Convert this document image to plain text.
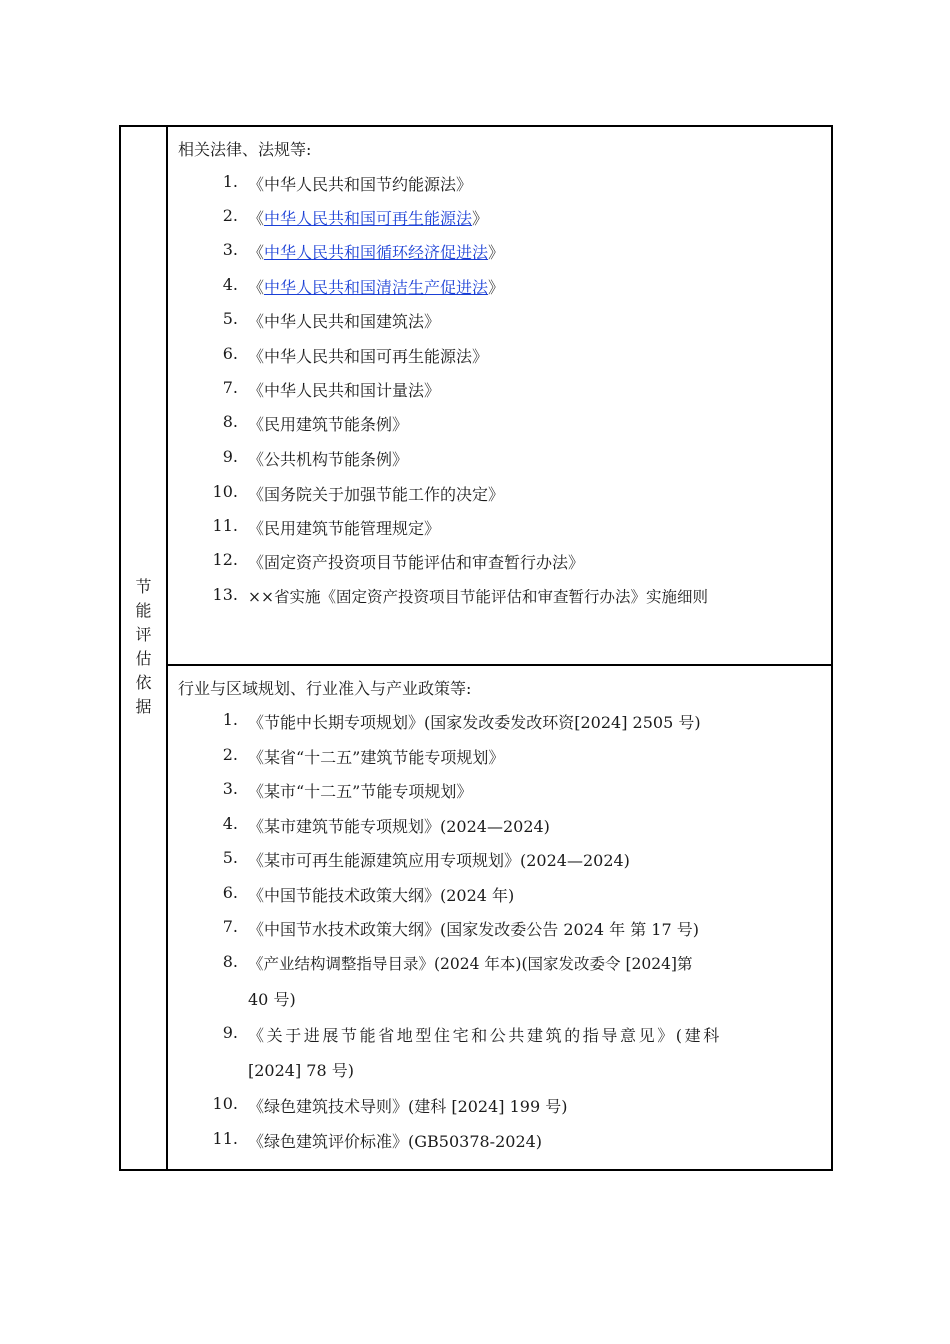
节
能
评
估
依
据
相关法律、法规等:
1. 《中华人民共和国节约能源法》
2. 《中华人民共和国可再生能源法》
3. 《中华人民共和国循环经济促进法》
4. 《中华人民共和国清洁生产促进法》
5. 《中华人民共和国建筑法》
6. 《中华人民共和国可再生能源法》
7. 《中华人民共和国计量法》
8. 《民用建筑节能条例》
9. 《公共机构节能条例》
10. 《国务院关于加强节能工作的决定》
11. 《民用建筑节能管理规定》
12. 《固定资产投资项目节能评估和审查暂行办法》
13. ××省实施《固定资产投资项目节能评估和审查暂行办法》实施细则
行业与区域规划、行业准入与产业政策等:
1. 《节能中长期专项规划》(国家发改委发改环资[2024] 2505 号)
2. 《某省“十二五”建筑节能专项规划》
3. 《某市“十二五”节能专项规划》
4. 《某市建筑节能专项规划》(2024—2024)
5. 《某市可再生能源建筑应用专项规划》(2024—2024)
6. 《中国节能技术政策大纲》(2024 年)
7. 《中国节水技术政策大纲》(国家发改委公告 2024 年 第 17 号)
8. 《产业结构调整指导目录》(2024 年本)(国家发改委令 [2024]第
40 号)
9. 《关于进展节能省地型住宅和公共建筑的指导意见》(建科
[2024] 78 号)
10. 《绿色建筑技术导则》(建科 [2024] 199 号)
11. 《绿色建筑评价标准》(GB50378-2024)
